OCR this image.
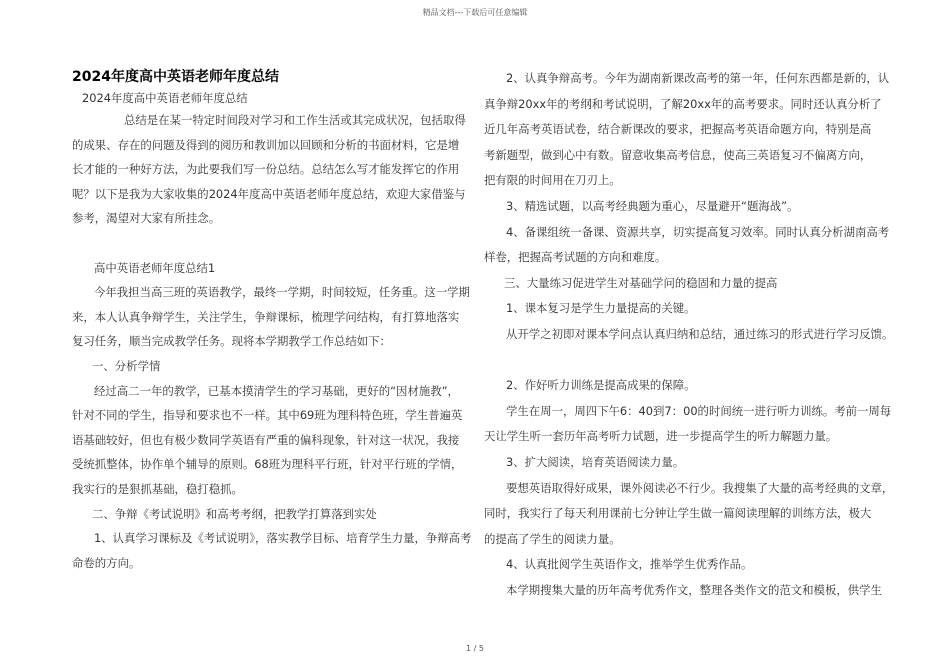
精品文档---下载后可任意编辑

2024年度高中英语老师年度总结

2024年度高中英语老师年度总结

总结是在某一特定时间段对学习和工作生活或其完成状况，包括取得

的成果、存在的问题及得到的阅历和教训加以回顾和分析的书面材料，它是增

长才能的一种好方法，为此要我们写一份总结。总结怎么写才能发挥它的作用

呢？以下是我为大家收集的2024年度高中英语老师年度总结，欢迎大家借鉴与

参考，渴望对大家有所挂念。

高中英语老师年度总结1

今年我担当高三班的英语教学，最终一学期，时间较短，任务重。这一学期

来，本人认真争辩学生，关注学生，争辩课标，梳理学问结构，有打算地落实

复习任务，顺当完成教学任务。现将本学期教学工作总结如下：

一、分析学情

经过高二一年的教学，已基本摸清学生的学习基础，更好的“因材施教”，

针对不同的学生，指导和要求也不一样。其中69班为理科特色班，学生普遍英

语基础较好，但也有极少数同学英语有严重的偏科现象，针对这一状况，我接

受统抓整体，协作单个辅导的原则。68班为理科平行班，针对平行班的学情，

我实行的是狠抓基础，稳打稳抓。

二、争辩《考试说明》和高考考纲，把教学打算落到实处

1、认真学习课标及《考试说明》，落实教学目标、培育学生力量，争辩高考

命卷的方向。

2、认真争辩高考。今年为湖南新课改高考的第一年，任何东西都是新的，认

真争辩20xx年的考纲和考试说明，了解20xx年的高考要求。同时还认真分析了

近几年高考英语试卷，结合新课改的要求，把握高考英语命题方向，特别是高

考新题型，做到心中有数。留意收集高考信息，使高三英语复习不偏离方向，

把有限的时间用在刀刃上。

3、精选试题，以高考经典题为重心，尽量避开“题海战”。

4、备课组统一备课、资源共享，切实提高复习效率。同时认真分析湖南高考

样卷，把握高考试题的方向和难度。

三、大量练习促进学生对基础学问的稳固和力量的提高

1、课本复习是学生力量提高的关键。

从开学之初即对课本学问点认真归纳和总结，通过练习的形式进行学习反馈。

2、作好听力训练是提高成果的保障。

学生在周一，周四下午6：40到7：00的时间统一进行听力训练。考前一周每

天让学生听一套历年高考听力试题，进一步提高学生的听力解题力量。

3、扩大阅读，培育英语阅读力量。

要想英语取得好成果，课外阅读必不行少。我搜集了大量的高考经典的文章，

同时，我实行了每天利用课前七分钟让学生做一篇阅读理解的训练方法，极大

的提高了学生的阅读力量。

4、认真批阅学生英语作文，推举学生优秀作品。

本学期搜集大量的历年高考优秀作文，整理各类作文的范文和模板，供学生

1 / 5
